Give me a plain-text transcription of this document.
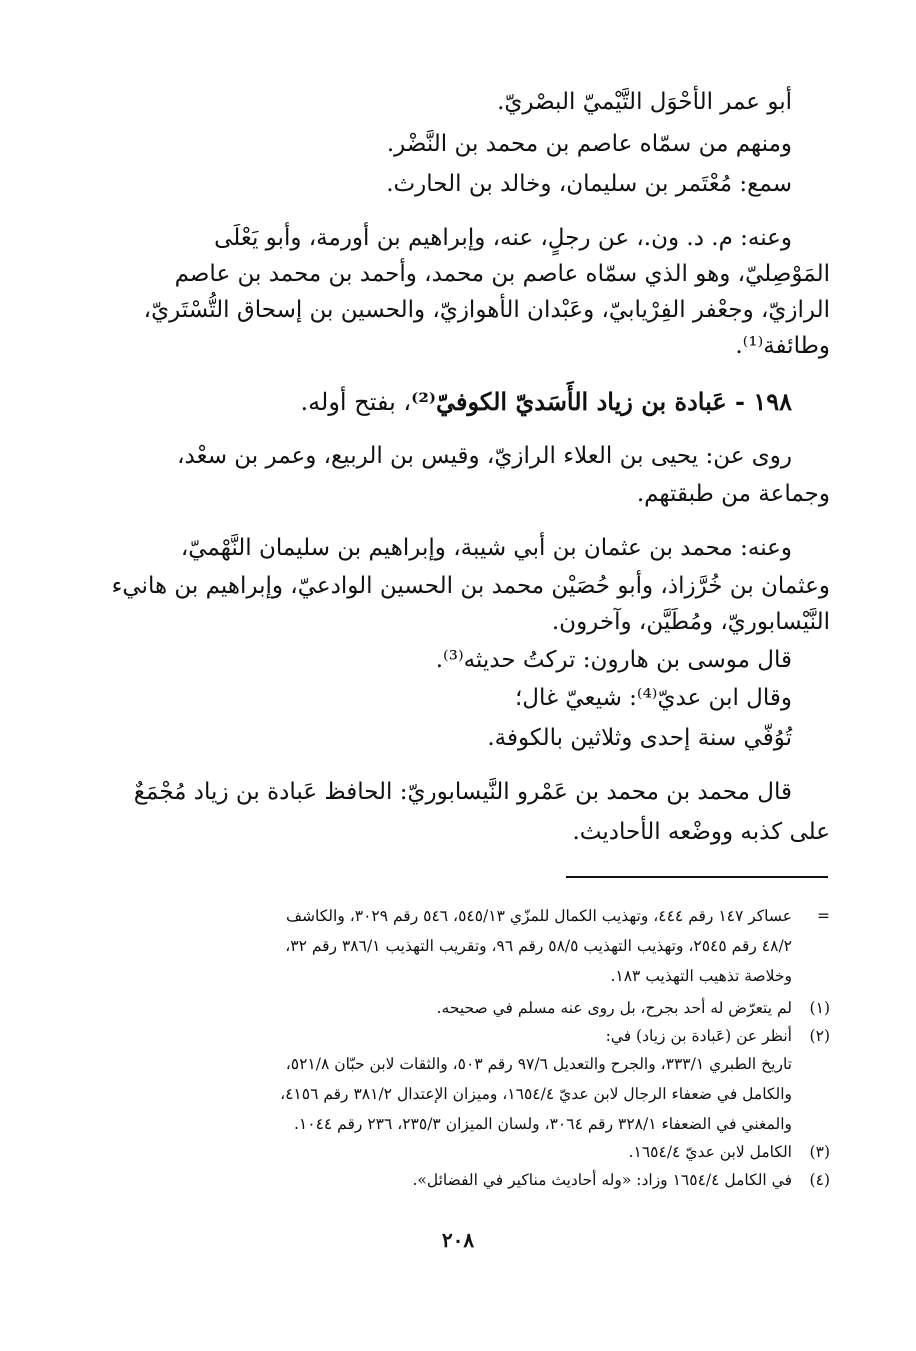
أبو عمر الأحْوَل التَّيْميّ البصْريّ.
ومنهم من سمّاه عاصم بن محمد بن النَّضْر.
سمع: مُعْتَمر بن سليمان، وخالد بن الحارث.
وعنه: م. د. ون.، عن رجلٍ، عنه، وإبراهيم بن أورمة، وأبو يَعْلَى
المَوْصِليّ، وهو الذي سمّاه عاصم بن محمد، وأحمد بن محمد بن عاصم
الرازيّ، وجعْفر الفِرْيابيّ، وعَبْدان الأهوازيّ، والحسين بن إسحاق التُّسْتَريّ،
وطائفة⁽¹⁾.
١٩٨ - عَبادة بن زياد الأَسَديّ الكوفيّ⁽²⁾، بفتح أوله.
روى عن: يحيى بن العلاء الرازيّ، وقيس بن الربيع، وعمر بن سعْد،
وجماعة من طبقتهم.
وعنه: محمد بن عثمان بن أبي شيبة، وإبراهيم بن سليمان النَّهْميّ،
وعثمان بن خُرَّزاذ، وأبو حُصَيْن محمد بن الحسين الوادعيّ، وإبراهيم بن هانيء
النَّيْسابوريّ، ومُطَيَّن، وآخرون.
قال موسى بن هارون: تركتُ حديثه⁽³⁾.
وقال ابن عديّ⁽⁴⁾: شيعيّ غال؛
تُوُفّي سنة إحدى وثلاثين بالكوفة.
قال محمد بن محمد بن عَمْرو النَّيسابوريّ: الحافظ عَبادة بن زياد مُجْمَعٌ
على كذبه ووضْعه الأحاديث.
=
عساكر ١٤٧ رقم ٤٤٤، وتهذيب الكمال للمزّي ٥٤٥/١٣، ٥٤٦ رقم ٣٠٢٩، والكاشف
٤٨/٢ رقم ٢٥٤٥، وتهذيب التهذيب ٥٨/٥ رقم ٩٦، وتقريب التهذيب ٣٨٦/١ رقم ٣٢،
وخلاصة تذهيب التهذيب ١٨٣.
(١)
لم يتعرّض له أحد بجرح، بل روى عنه مسلم في صحيحه.
(٢)
أنظر عن (عَبادة بن زياد) في:
تاريخ الطبري ٣٣٣/١، والجرح والتعديل ٩٧/٦ رقم ٥٠٣، والثقات لابن حبّان ٥٢١/٨،
والكامل في ضعفاء الرجال لابن عديّ ١٦٥٤/٤، وميزان الإعتدال ٣٨١/٢ رقم ٤١٥٦،
والمغني في الضعفاء ٣٢٨/١ رقم ٣٠٦٤، ولسان الميزان ٢٣٥/٣، ٢٣٦ رقم ١٠٤٤.
(٣)
الكامل لابن عديّ ١٦٥٤/٤.
(٤)
في الكامل ١٦٥٤/٤ وزاد: «وله أحاديث مناكير في الفضائل».
٢٠٨
